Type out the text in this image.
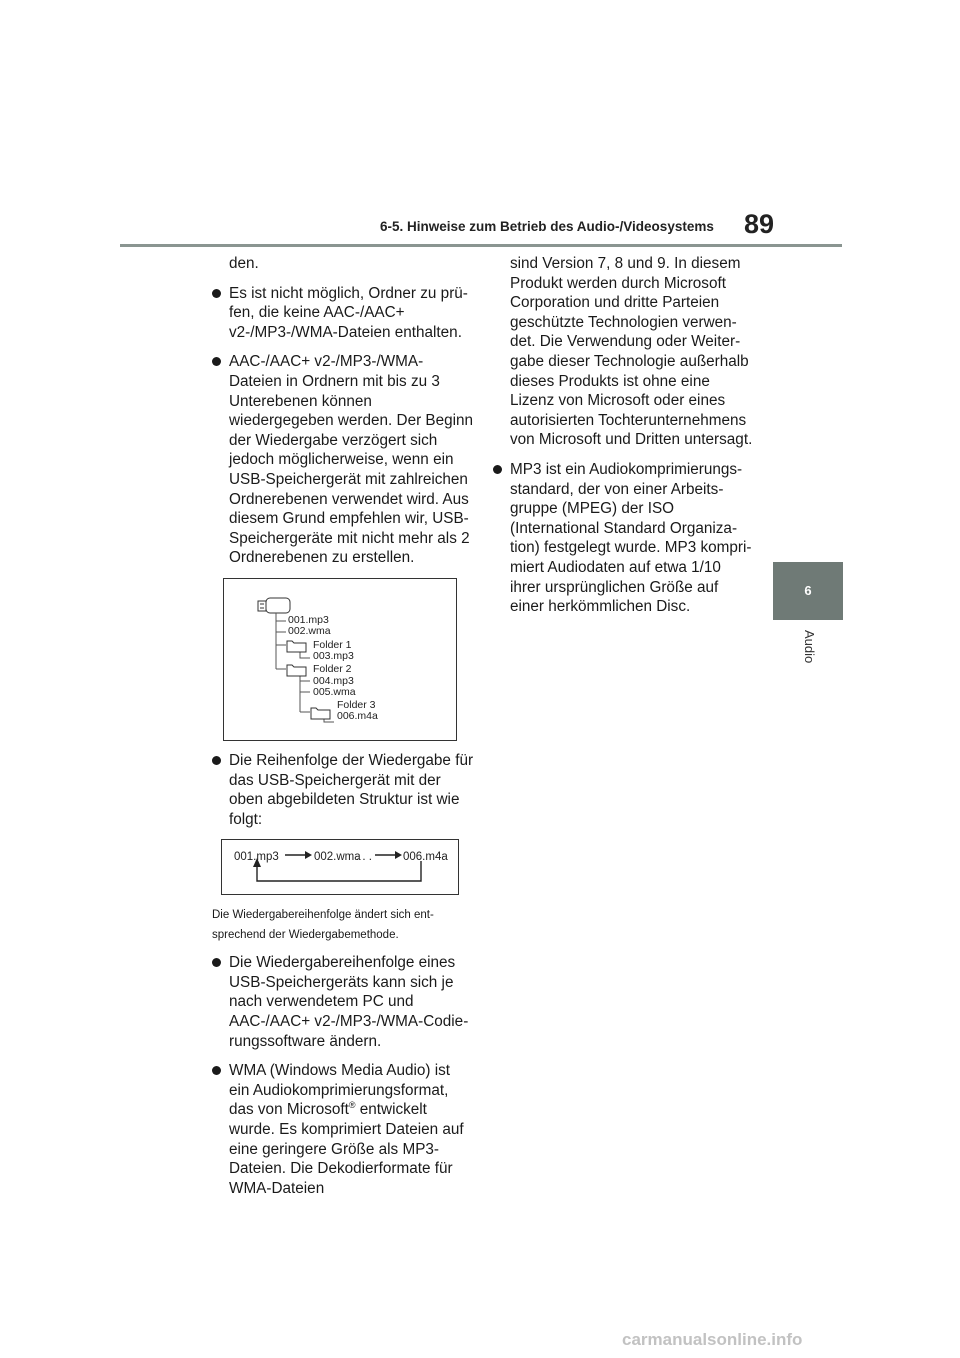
6-5. Hinweise zum Betrieb des Audio-/Videosystems 89
6
Audio

den.

Es ist nicht möglich, Ordner zu prüfen, die keine AAC-/AAC+ v2-/MP3-/WMA-Dateien enthalten.
AAC-/AAC+ v2-/MP3-/WMA-Dateien in Ordnern mit bis zu 3 Unterebenen können wiedergegeben werden. Der Beginn der Wiedergabe verzögert sich jedoch möglicherweise, wenn ein USB-Speichergerät mit zahlreichen Ordnerebenen verwendet wird. Aus diesem Grund empfehlen wir, USB-Speichergeräte mit nicht mehr als 2 Ordnerebenen zu erstellen.
001.mp3
002.wma
Folder 1
003.mp3
Folder 2
004.mp3
005.wma
Folder 3
006.m4a
Die Reihenfolge der Wiedergabe für das USB-Speichergerät mit der oben abgebildeten Struktur ist wie folgt:
001.mp3	002.wma
. . .	006.m4a

Die Wiedergabereihenfolge ändert sich entsprechend der Wiedergabemethode.

Die Wiedergabereihenfolge eines USB-Speichergeräts kann sich je nach verwendetem PC und AAC-/AAC+ v2-/MP3-/WMA-Codierungssoftware ändern.
WMA (Windows Media Audio) ist ein Audiokomprimierungsformat, das von Microsoft® entwickelt wurde. Es komprimiert Dateien auf eine geringere Größe als MP3-Dateien. Die Dekodierformate für WMA-Dateien

sind Version 7, 8 und 9. In diesem Produkt werden durch Microsoft Corporation und dritte Parteien geschützte Technologien verwendet. Die Verwendung oder Weitergabe dieser Technologie außerhalb dieses Produkts ist ohne eine Lizenz von Microsoft oder eines autorisierten Tochterunternehmens von Microsoft und Dritten untersagt.

MP3 ist ein Audiokomprimierungsstandard, der von einer Arbeitsgruppe (MPEG) der ISO (International Standard Organization) festgelegt wurde. MP3 komprimiert Audiodaten auf etwa 1/10 ihrer ursprünglichen Größe auf einer herkömmlichen Disc.
carmanualsonline.info
